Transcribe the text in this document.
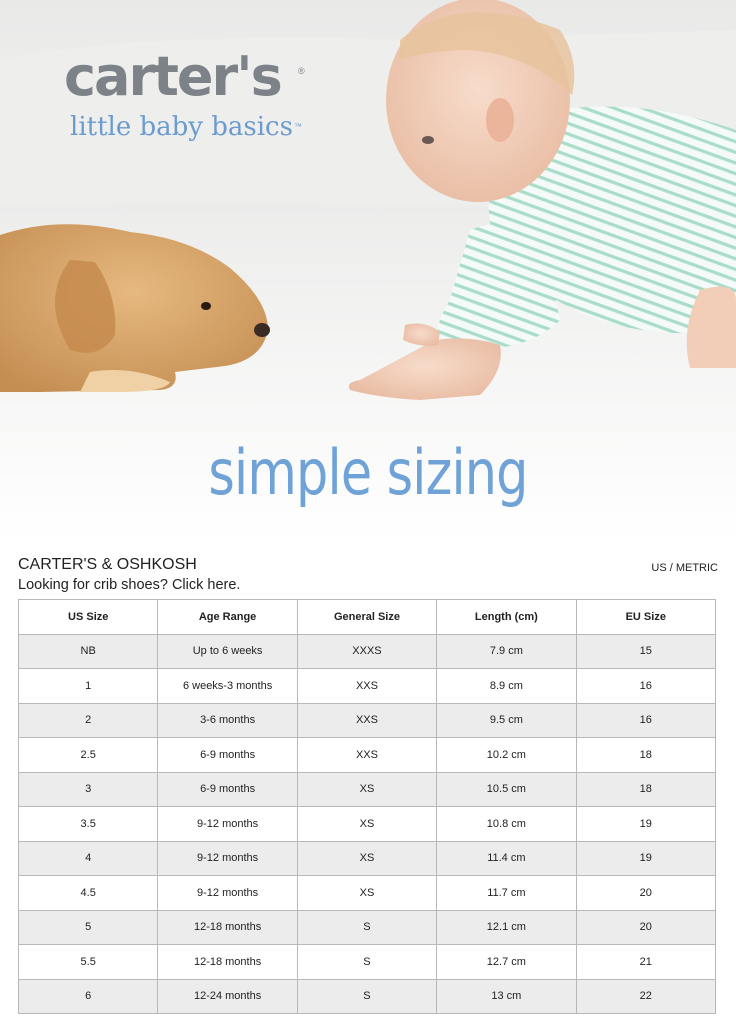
carter's ®
little baby basics ™
simple sizing
CARTER'S & OSHKOSH
Looking for crib shoes? Click here.
US / METRIC
US Size	Age Range	General Size	Length (cm)	EU Size
NB	Up to 6 weeks	XXXS	7.9 cm	15
1	6 weeks-3 months	XXS	8.9 cm	16
2	3-6 months	XXS	9.5 cm	16
2.5	6-9 months	XXS	10.2 cm	18
3	6-9 months	XS	10.5 cm	18
3.5	9-12 months	XS	10.8 cm	19
4	9-12 months	XS	11.4 cm	19
4.5	9-12 months	XS	11.7 cm	20
5	12-18 months	S	12.1 cm	20
5.5	12-18 months	S	12.7 cm	21
6	12-24 months	S	13 cm	22
